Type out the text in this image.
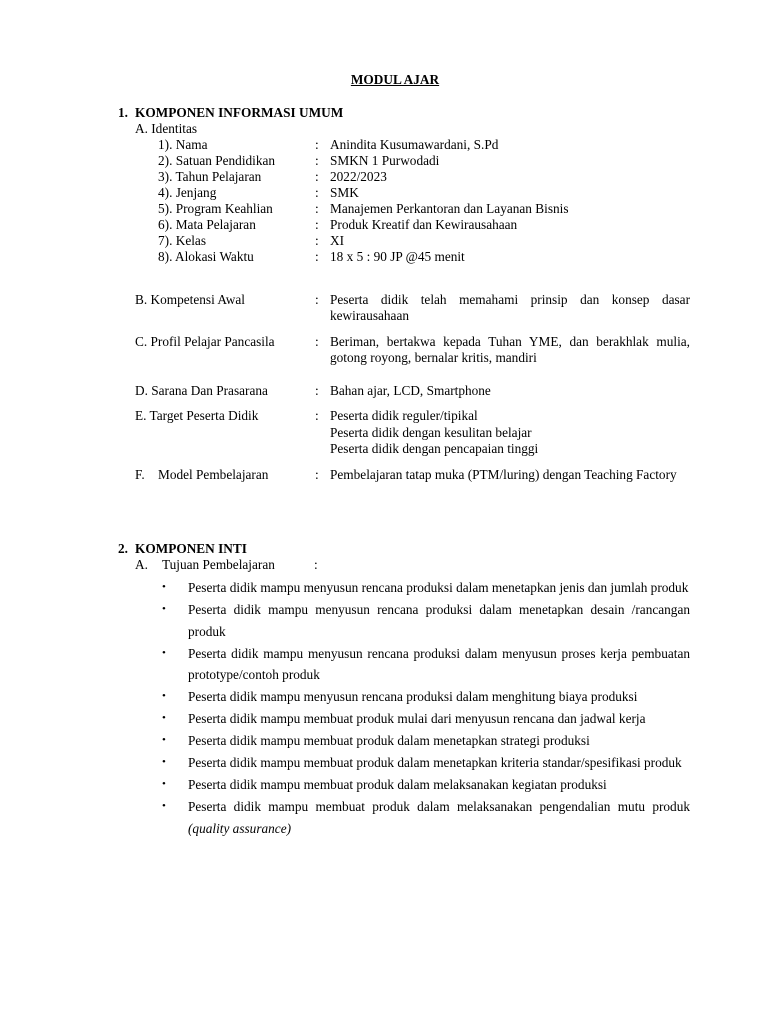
MODUL AJAR
1. KOMPONEN INFORMASI UMUM
A. Identitas
1). Nama	: Anindita Kusumawardani, S.Pd
2). Satuan Pendidikan	: SMKN 1 Purwodadi
3). Tahun Pelajaran	: 2022/2023
4). Jenjang	: SMK
5). Program Keahlian	: Manajemen Perkantoran dan Layanan Bisnis
6). Mata Pelajaran	: Produk Kreatif dan Kewirausahaan
7). Kelas	: XI
8). Alokasi Waktu	: 18 x 5 : 90 JP @45 menit
B. Kompetensi Awal	: Peserta didik telah memahami prinsip dan konsep dasar kewirausahaan
C. Profil Pelajar Pancasila	: Beriman, bertakwa kepada Tuhan YME, dan berakhlak mulia, gotong royong, bernalar kritis, mandiri
D. Sarana Dan Prasarana	: Bahan ajar, LCD, Smartphone
E. Target Peserta Didik	: Peserta didik reguler/tipikal
Peserta didik dengan kesulitan belajar
Peserta didik dengan pencapaian tinggi
F. Model Pembelajaran	: Pembelajaran tatap muka (PTM/luring) dengan Teaching Factory
2. KOMPONEN INTI
A. Tujuan Pembelajaran	:
• Peserta didik mampu menyusun rencana produksi dalam menetapkan jenis dan jumlah produk
• Peserta didik mampu menyusun rencana produksi dalam menetapkan desain /rancangan produk
• Peserta didik mampu menyusun rencana produksi dalam menyusun proses kerja pembuatan prototype/contoh produk
• Peserta didik mampu menyusun rencana produksi dalam menghitung biaya produksi
• Peserta didik mampu membuat produk mulai dari menyusun rencana dan jadwal kerja
• Peserta didik mampu membuat produk dalam menetapkan strategi produksi
• Peserta didik mampu membuat produk dalam menetapkan kriteria standar/spesifikasi produk
• Peserta didik mampu membuat produk dalam melaksanakan kegiatan produksi
• Peserta didik mampu membuat produk dalam melaksanakan pengendalian mutu produk (quality assurance)
